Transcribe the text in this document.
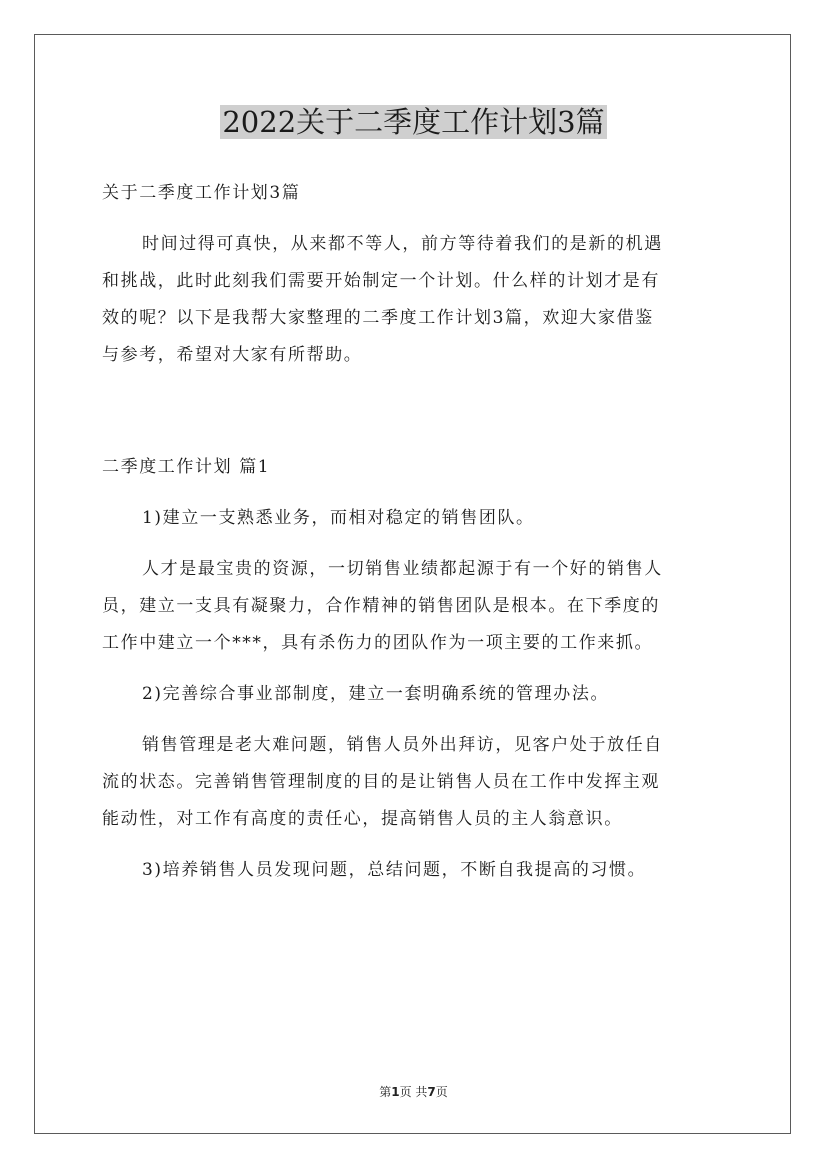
2022关于二季度工作计划3篇
关于二季度工作计划3篇
时间过得可真快，从来都不等人，前方等待着我们的是新的机遇
和挑战，此时此刻我们需要开始制定一个计划。什么样的计划才是有
效的呢？以下是我帮大家整理的二季度工作计划3篇，欢迎大家借鉴
与参考，希望对大家有所帮助。
二季度工作计划 篇1
1)建立一支熟悉业务，而相对稳定的销售团队。
人才是最宝贵的资源，一切销售业绩都起源于有一个好的销售人
员，建立一支具有凝聚力，合作精神的销售团队是根本。在下季度的
工作中建立一个***，具有杀伤力的团队作为一项主要的工作来抓。
2)完善综合事业部制度，建立一套明确系统的管理办法。
销售管理是老大难问题，销售人员外出拜访，见客户处于放任自
流的状态。完善销售管理制度的目的是让销售人员在工作中发挥主观
能动性，对工作有高度的责任心，提高销售人员的主人翁意识。
3)培养销售人员发现问题，总结问题，不断自我提高的习惯。
第1页 共7页
